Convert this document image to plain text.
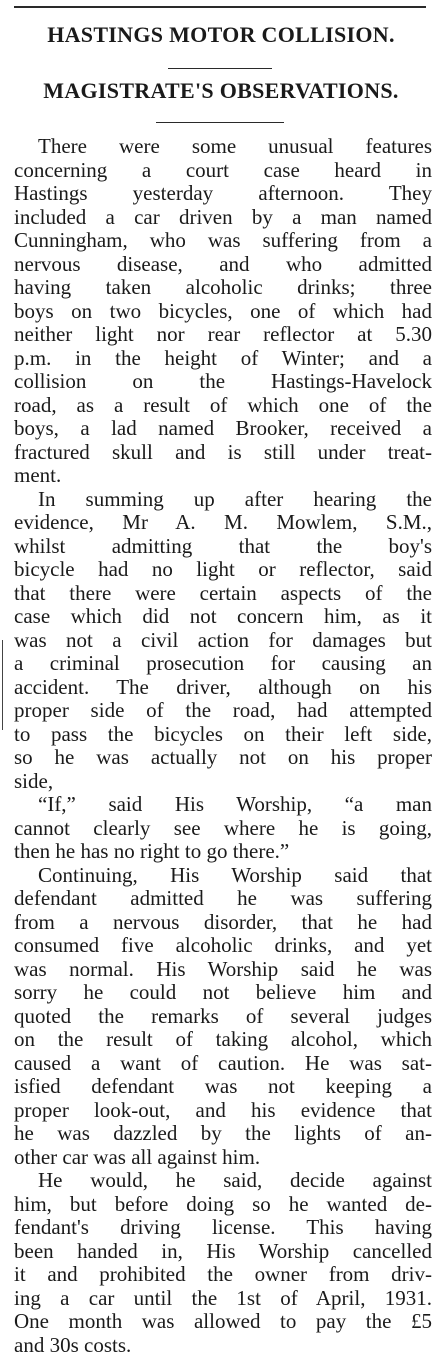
HASTINGS MOTOR COLLISION.
MAGISTRATE'S OBSERVATIONS.

There were some unusual features
concerning a court case heard in
Hastings yesterday afternoon. They
included a car driven by a man named
Cunningham, who was suffering from a
nervous disease, and who admitted
having taken alcoholic drinks; three
boys on two bicycles, one of which had
neither light nor rear reflector at 5.30
p.m. in the height of Winter; and a
collision on the Hastings-Havelock
road, as a result of which one of the
boys, a lad named Brooker, received a
fractured skull and is still under treat-
ment.

In summing up after hearing the
evidence, Mr A. M. Mowlem, S.M.,
whilst admitting that the boy's
bicycle had no light or reflector, said
that there were certain aspects of the
case which did not concern him, as it
was not a civil action for damages but
a criminal prosecution for causing an
accident. The driver, although on his
proper side of the road, had attempted
to pass the bicycles on their left side,
so he was actually not on his proper
side,

“If,” said His Worship, “a man
cannot clearly see where he is going,
then he has no right to go there.”

Continuing, His Worship said that
defendant admitted he was suffering
from a nervous disorder, that he had
consumed five alcoholic drinks, and yet
was normal. His Worship said he was
sorry he could not believe him and
quoted the remarks of several judges
on the result of taking alcohol, which
caused a want of caution. He was sat-
isfied defendant was not keeping a
proper look-out, and his evidence that
he was dazzled by the lights of an-
other car was all against him.

He would, he said, decide against
him, but before doing so he wanted de-
fendant's driving license. This having
been handed in, His Worship cancelled
it and prohibited the owner from driv-
ing a car until the 1st of April, 1931.
One month was allowed to pay the £5
and 30s costs.
